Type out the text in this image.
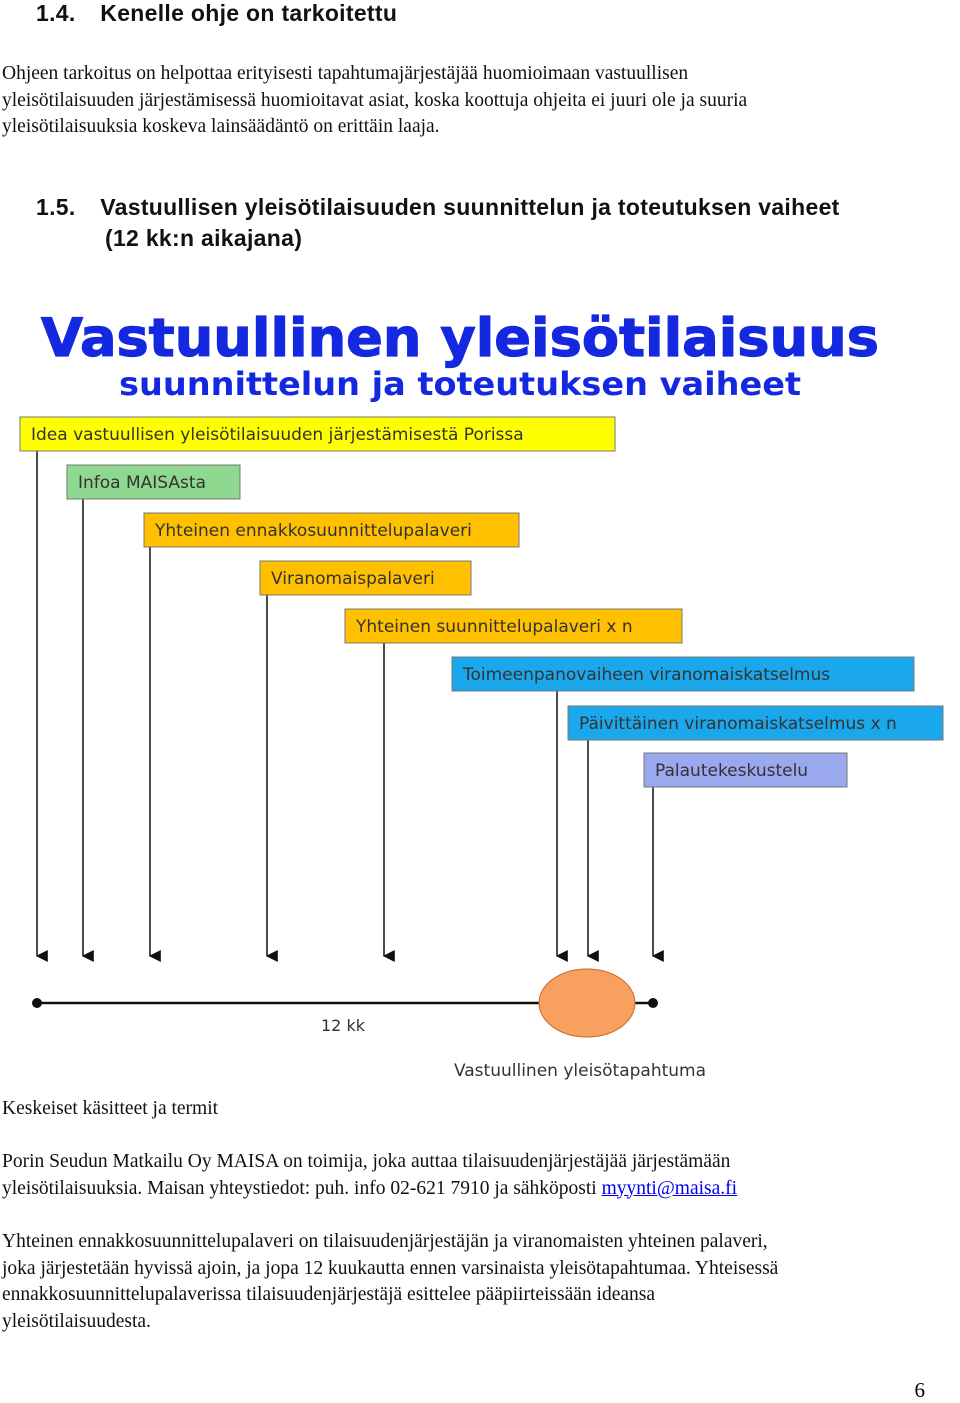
1.4. Kenelle ohje on tarkoitettu
Ohjeen tarkoitus on helpottaa erityisesti tapahtumajärjestäjää huomioimaan vastuullisen
yleisötilaisuuden järjestämisessä huomioitavat asiat, koska koottuja ohjeita ei juuri ole ja suuria
yleisötilaisuuksia koskeva lainsäädäntö on erittäin laaja.
1.5. Vastuullisen yleisötilaisuuden suunnittelun ja toteutuksen vaiheet
(12 kk:n aikajana)
Vastuullinen yleisötilaisuus
suunnittelun ja toteutuksen vaiheet
Idea vastuullisen yleisötilaisuuden järjestämisestä Porissa
Infoa MAISAsta
Yhteinen ennakkosuunnittelupalaveri
Viranomaispalaveri
Yhteinen suunnittelupalaveri x n
Toimeenpanovaiheen viranomaiskatselmus
Päivittäinen viranomaiskatselmus x n
Palautekeskustelu
12 kk
Vastuullinen yleisötapahtuma
Keskeiset käsitteet ja termit
Porin Seudun Matkailu Oy MAISA on toimija, joka auttaa tilaisuudenjärjestäjää järjestämään
yleisötilaisuuksia. Maisan yhteystiedot: puh. info 02-621 7910 ja sähköposti myynti@maisa.fi
Yhteinen ennakkosuunnittelupalaveri on tilaisuudenjärjestäjän ja viranomaisten yhteinen palaveri,
joka järjestetään hyvissä ajoin, ja jopa 12 kuukautta ennen varsinaista yleisötapahtumaa. Yhteisessä
ennakkosuunnittelupalaverissa tilaisuudenjärjestäjä esittelee pääpiirteissään ideansa
yleisötilaisuudesta.
6
